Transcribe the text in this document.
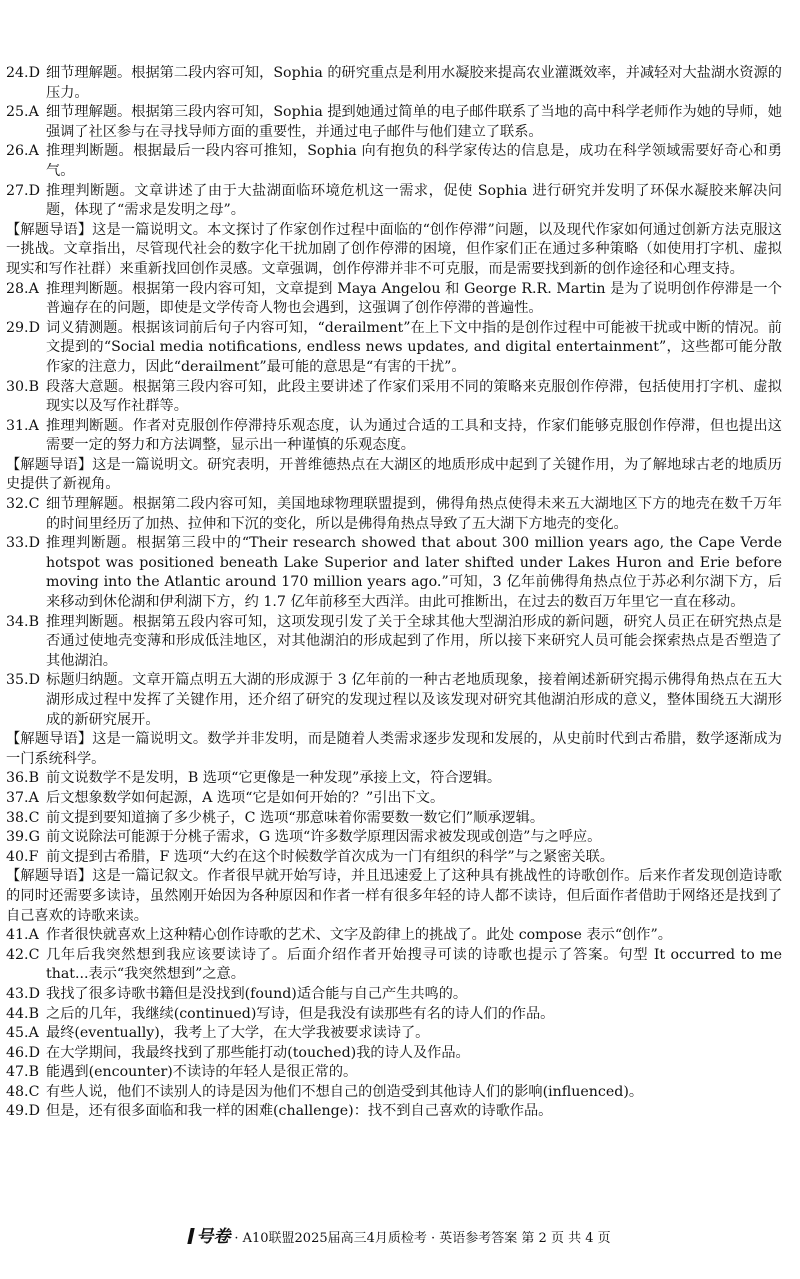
24.D 细节理解题。根据第二段内容可知，Sophia 的研究重点是利用水凝胶来提高农业灌溉效率，并减轻对大盐湖水资源的压力。
25.A 细节理解题。根据第三段内容可知，Sophia 提到她通过简单的电子邮件联系了当地的高中科学老师作为她的导师，她强调了社区参与在寻找导师方面的重要性，并通过电子邮件与他们建立了联系。
26.A 推理判断题。根据最后一段内容可推知，Sophia 向有抱负的科学家传达的信息是，成功在科学领域需要好奇心和勇气。
27.D 推理判断题。文章讲述了由于大盐湖面临环境危机这一需求，促使 Sophia 进行研究并发明了环保水凝胶来解决问题，体现了“需求是发明之母”。

【解题导语】这是一篇说明文。本文探讨了作家创作过程中面临的“创作停滞”问题，以及现代作家如何通过创新方法克服这一挑战。文章指出，尽管现代社会的数字化干扰加剧了创作停滞的困境，但作家们正在通过多种策略（如使用打字机、虚拟现实和写作社群）来重新找回创作灵感。文章强调，创作停滞并非不可克服，而是需要找到新的创作途径和心理支持。

28.A 推理判断题。根据第一段内容可知，文章提到 Maya Angelou 和 George R.R. Martin 是为了说明创作停滞是一个普遍存在的问题，即使是文学传奇人物也会遇到，这强调了创作停滞的普遍性。
29.D 词义猜测题。根据该词前后句子内容可知，“derailment”在上下文中指的是创作过程中可能被干扰或中断的情况。前文提到的“Social media notifications, endless news updates, and digital entertainment”，这些都可能分散作家的注意力，因此“derailment”最可能的意思是“有害的干扰”。
30.B 段落大意题。根据第三段内容可知，此段主要讲述了作家们采用不同的策略来克服创作停滞，包括使用打字机、虚拟现实以及写作社群等。
31.A 推理判断题。作者对克服创作停滞持乐观态度，认为通过合适的工具和支持，作家们能够克服创作停滞，但也提出这需要一定的努力和方法调整，显示出一种谨慎的乐观态度。

【解题导语】这是一篇说明文。研究表明，开普维德热点在大湖区的地质形成中起到了关键作用，为了解地球古老的地质历史提供了新视角。

32.C 细节理解题。根据第二段内容可知，美国地球物理联盟提到，佛得角热点使得未来五大湖地区下方的地壳在数千万年的时间里经历了加热、拉伸和下沉的变化，所以是佛得角热点导致了五大湖下方地壳的变化。
33.D 推理判断题。根据第三段中的“Their research showed that about 300 million years ago, the Cape Verde hotspot was positioned beneath Lake Superior and later shifted under Lakes Huron and Erie before moving into the Atlantic around 170 million years ago.”可知，3 亿年前佛得角热点位于苏必利尔湖下方，后来移动到休伦湖和伊利湖下方，约 1.7 亿年前移至大西洋。由此可推断出，在过去的数百万年里它一直在移动。
34.B 推理判断题。根据第五段内容可知，这项发现引发了关于全球其他大型湖泊形成的新问题，研究人员正在研究热点是否通过使地壳变薄和形成低洼地区，对其他湖泊的形成起到了作用，所以接下来研究人员可能会探索热点是否塑造了其他湖泊。
35.D 标题归纳题。文章开篇点明五大湖的形成源于 3 亿年前的一种古老地质现象，接着阐述新研究揭示佛得角热点在五大湖形成过程中发挥了关键作用，还介绍了研究的发现过程以及该发现对研究其他湖泊形成的意义，整体围绕五大湖形成的新研究展开。

【解题导语】这是一篇说明文。数学并非发明，而是随着人类需求逐步发现和发展的，从史前时代到古希腊，数学逐渐成为一门系统科学。

36.B 前文说数学不是发明，B 选项“它更像是一种发现”承接上文，符合逻辑。
37.A 后文想象数学如何起源，A 选项“它是如何开始的？”引出下文。
38.C 前文提到要知道摘了多少桃子，C 选项“那意味着你需要数一数它们”顺承逻辑。
39.G 前文说除法可能源于分桃子需求，G 选项“许多数学原理因需求被发现或创造”与之呼应。
40.F 前文提到古希腊，F 选项“大约在这个时候数学首次成为一门有组织的科学”与之紧密关联。

【解题导语】这是一篇记叙文。作者很早就开始写诗，并且迅速爱上了这种具有挑战性的诗歌创作。后来作者发现创造诗歌的同时还需要多读诗，虽然刚开始因为各种原因和作者一样有很多年轻的诗人都不读诗，但后面作者借助于网络还是找到了自己喜欢的诗歌来读。

41.A 作者很快就喜欢上这种精心创作诗歌的艺术、文字及韵律上的挑战了。此处 compose 表示“创作”。
42.C 几年后我突然想到我应该要读诗了。后面介绍作者开始搜寻可读的诗歌也提示了答案。句型 It occurred to me that...表示“我突然想到”之意。
43.D 我找了很多诗歌书籍但是没找到(found)适合能与自己产生共鸣的。
44.B 之后的几年，我继续(continued)写诗，但是我没有读那些有名的诗人们的作品。
45.A 最终(eventually)，我考上了大学，在大学我被要求读诗了。
46.D 在大学期间，我最终找到了那些能打动(touched)我的诗人及作品。
47.B 能遇到(encounter)不读诗的年轻人是很正常的。
48.C 有些人说，他们不读别人的诗是因为他们不想自己的创造受到其他诗人们的影响(influenced)。
49.D 但是，还有很多面临和我一样的困难(challenge)：找不到自己喜欢的诗歌作品。
号卷 · A10联盟2025届高三4月质检考 · 英语参考答案 第 2 页 共 4 页
